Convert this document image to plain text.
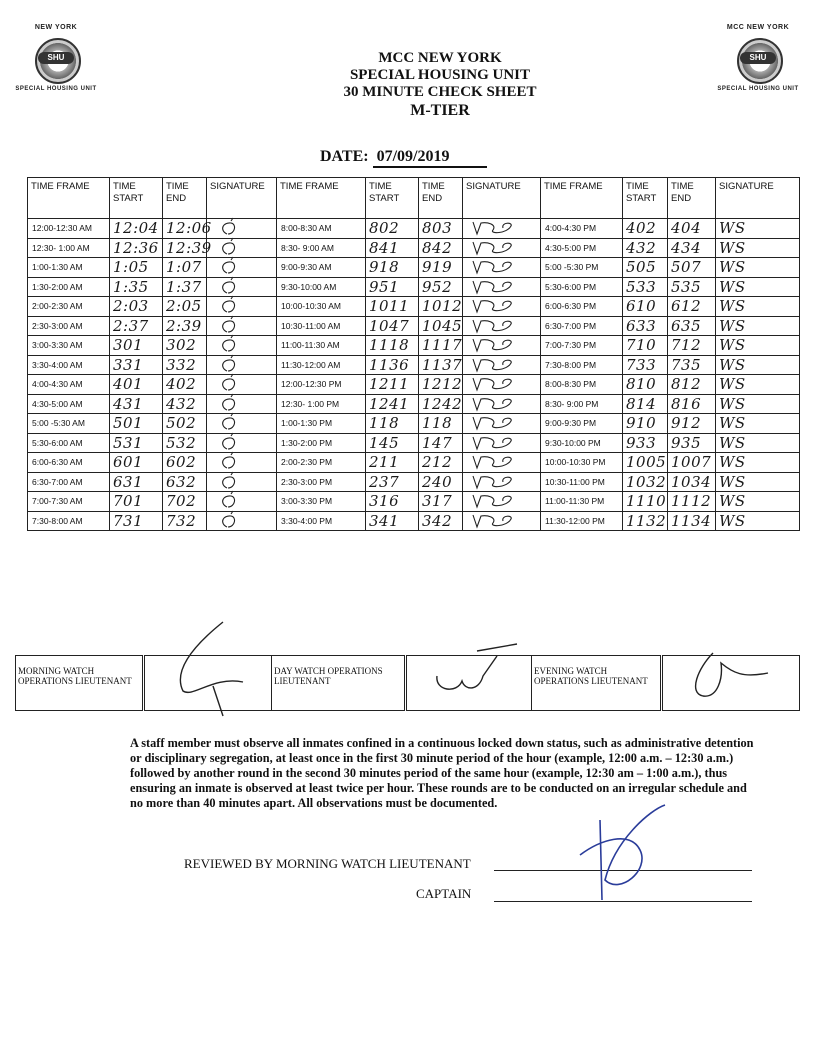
NEW YORK
SHU
SPECIAL HOUSING UNIT
MCC NEW YORK
SHU
SPECIAL HOUSING UNIT
MCC NEW YORK
SPECIAL HOUSING UNIT
30 MINUTE CHECK SHEET
M-TIER
DATE: 07/09/2019
TIME FRAME	TIME START	TIME END	SIGNATURE	TIME FRAME	TIME START	TIME END	SIGNATURE	TIME FRAME	TIME START	TIME END	SIGNATURE
12:00-12:30 AM	12:04	12:06		8:00-8:30 AM	802	803		4:00-4:30 PM	402	404	WS
12:30- 1:00 AM	12:36	12:39		8:30- 9:00 AM	841	842		4:30-5:00 PM	432	434	WS
1:00-1:30 AM	1:05	1:07		9:00-9:30 AM	918	919		5:00 -5:30 PM	505	507	WS
1:30-2:00 AM	1:35	1:37		9:30-10:00 AM	951	952		5:30-6:00 PM	533	535	WS
2:00-2:30 AM	2:03	2:05		10:00-10:30 AM	1011	1012		6:00-6:30 PM	610	612	WS
2:30-3:00 AM	2:37	2:39		10:30-11:00 AM	1047	1045		6:30-7:00 PM	633	635	WS
3:00-3:30 AM	301	302		11:00-11:30 AM	1118	1117		7:00-7:30 PM	710	712	WS
3:30-4:00 AM	331	332		11:30-12:00 AM	1136	1137		7:30-8:00 PM	733	735	WS
4:00-4:30 AM	401	402		12:00-12:30 PM	1211	1212		8:00-8:30 PM	810	812	WS
4:30-5:00 AM	431	432		12:30- 1:00 PM	1241	1242		8:30- 9:00 PM	814	816	WS
5:00 -5:30 AM	501	502		1:00-1:30 PM	118	118		9:00-9:30 PM	910	912	WS
5:30-6:00 AM	531	532		1:30-2:00 PM	145	147		9:30-10:00 PM	933	935	WS
6:00-6:30 AM	601	602		2:00-2:30 PM	211	212		10:00-10:30 PM	1005	1007	WS
6:30-7:00 AM	631	632		2:30-3:00 PM	237	240		10:30-11:00 PM	1032	1034	WS
7:00-7:30 AM	701	702		3:00-3:30 PM	316	317		11:00-11:30 PM	1110	1112	WS
7:30-8:00 AM	731	732		3:30-4:00 PM	341	342		11:30-12:00 PM	1132	1134	WS

MORNING WATCH OPERATIONS LIEUTENANT	
	DAY WATCH OPERATIONS LIEUTENANT	
	EVENING WATCH OPERATIONS LIEUTENANT	
A staff member must observe all inmates confined in a continuous locked down status, such as administrative detention or disciplinary segregation, at least once in the first 30 minute period of the hour (example, 12:00 a.m. – 12:30 a.m.) followed by another round in the second 30 minutes period of the same hour (example, 12:30 am – 1:00 a.m.), thus ensuring an inmate is observed at least twice per hour. These rounds are to be conducted on an irregular schedule and no more than 40 minutes apart. All observations must be documented.
REVIEWED BY MORNING WATCH LIEUTENANT
CAPTAIN
